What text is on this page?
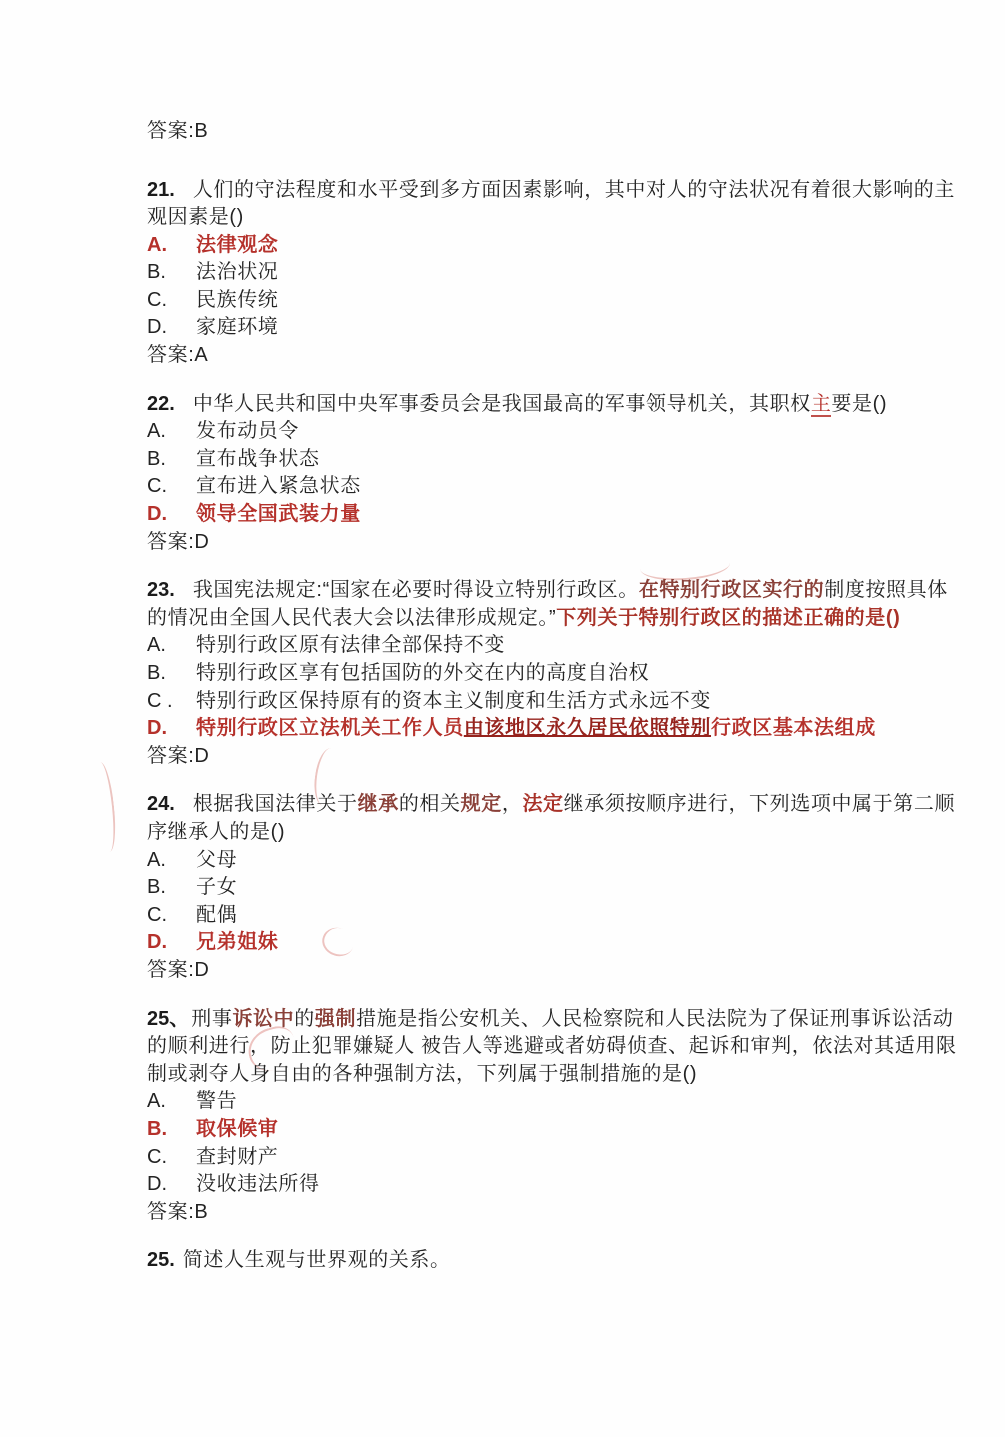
答案:B

21. 人们的守法程度和水平受到多方面因素影响，其中对人的守法状况有着很大影响的主
观因素是()
A. 法律观念
B. 法治状况
C. 民族传统
D. 家庭环境
答案:A
22. 中华人民共和国中央军事委员会是我国最高的军事领导机关，其职权主要是()
A. 发布动员令
B. 宣布战争状态
C. 宣布进入紧急状态
D. 领导全国武装力量
答案:D
23. 我国宪法规定:“国家在必要时得设立特别行政区。在特别行政区实行的制度按照具体
的情况由全国人民代表大会以法律形成规定。”下列关于特别行政区的描述正确的是()
A. 特别行政区原有法律全部保持不变
B. 特别行政区享有包括国防的外交在内的高度自治权
C . 特别行政区保持原有的资本主义制度和生活方式永远不变
D. 特别行政区立法机关工作人员由该地区永久居民依照特别行政区基本法组成
答案:D
24. 根据我国法律关于继承的相关规定，法定继承须按顺序进行，下列选项中属于第二顺
序继承人的是()
A. 父母
B. 子女
C. 配偶
D. 兄弟姐妹
答案:D
25、 刑事诉讼中的强制措施是指公安机关、人民检察院和人民法院为了保证刑事诉讼活动
的顺利进行，防止犯罪嫌疑人 被告人等逃避或者妨碍侦查、起诉和审判，依法对其适用限
制或剥夺人身自由的各种强制方法，下列属于强制措施的是()
A. 警告
B. 取保候审
C. 查封财产
D. 没收违法所得
答案:B

25. 简述人生观与世界观的关系。
